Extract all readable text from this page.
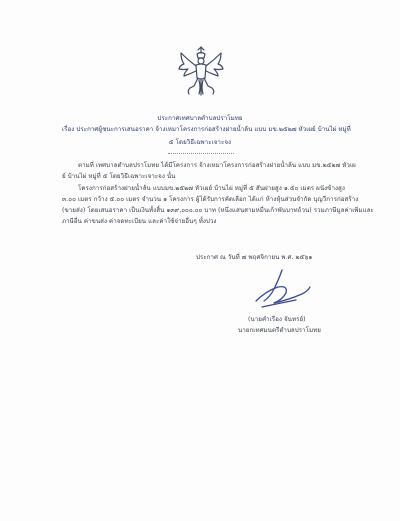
ประกาศเทศบาลตำบลปราโมทย
เรื่อง ประกาศผู้ชนะการเสนอราคา จ้างเหมาโครงการก่อสร้างฝายน้ำล้น แบบ มข.๒๕๒๗ หัวเผย์ บ้านไผ่ หมู่ที่
๕ โดยวิธีเฉพาะเจาะจง
ตามที่ เทศบาลตำบลปราโมทย ได้มีโครงการ จ้างเหมาโครงการก่อสร้างฝายน้ำล้น แบบ มข.๒๕๒๗ หัวเผ
ย์ บ้านไผ่ หมู่ที่ ๕ โดยวิธีเฉพาะเจาะจง นั้น
โครงการก่อสร้างฝายน้ำล้น แบบมข.๒๕๒๗ หัวเผย์ บ้านไผ่ หมู่ที่ ๕ สันฝายสูง ๑.๕๐ เมตร ผนังข้างสูง
๓.๐๐ เมตร กว้าง ๕.๐๐ เมตร จำนวน ๑ โครงการ ผู้ได้รับการคัดเลือก ได้แก่ ห้างหุ้นส่วนจำกัด บุญวีการก่อสร้าง
(ขายส่ง) โดยเสนอราคา เป็นเงินทั้งสิ้น ๑๓๙,๐๐๐.๐๐ บาท (หนึ่งแสนสามหมื่นเก้าพันบาทถ้วน) รวมภาษีมูลค่าเพิ่มและ
ภาษีอื่น ค่าขนส่ง ค่าจดทะเบียน และค่าใช้จ่ายอื่นๆ ทั้งปวง
ประกาศ ณ วันที่ ๗ พฤศจิกายน พ.ศ. ๒๕๖๑
(นายคำเรือง จันทรย์)
นายกเทศมนตรีตำบลปราโมทย
